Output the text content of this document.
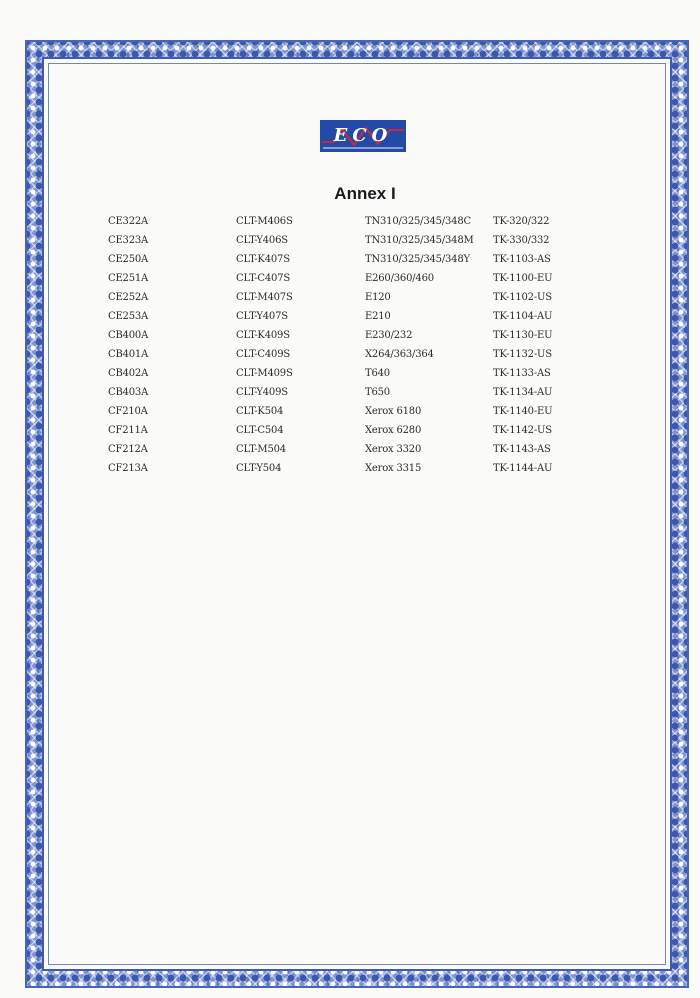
ECO
Annex I
CE322A
CE323A
CE250A
CE251A
CE252A
CE253A
CB400A
CB401A
CB402A
CB403A
CF210A
CF211A
CF212A
CF213A
CLT-M406S
CLT-Y406S
CLT-K407S
CLT-C407S
CLT-M407S
CLT-Y407S
CLT-K409S
CLT-C409S
CLT-M409S
CLT-Y409S
CLT-K504
CLT-C504
CLT-M504
CLT-Y504
TN310/325/345/348C
TN310/325/345/348M
TN310/325/345/348Y
E260/360/460
E120
E210
E230/232
X264/363/364
T640
T650
Xerox 6180
Xerox 6280
Xerox 3320
Xerox 3315
TK-320/322
TK-330/332
TK-1103-AS
TK-1100-EU
TK-1102-US
TK-1104-AU
TK-1130-EU
TK-1132-US
TK-1133-AS
TK-1134-AU
TK-1140-EU
TK-1142-US
TK-1143-AS
TK-1144-AU
